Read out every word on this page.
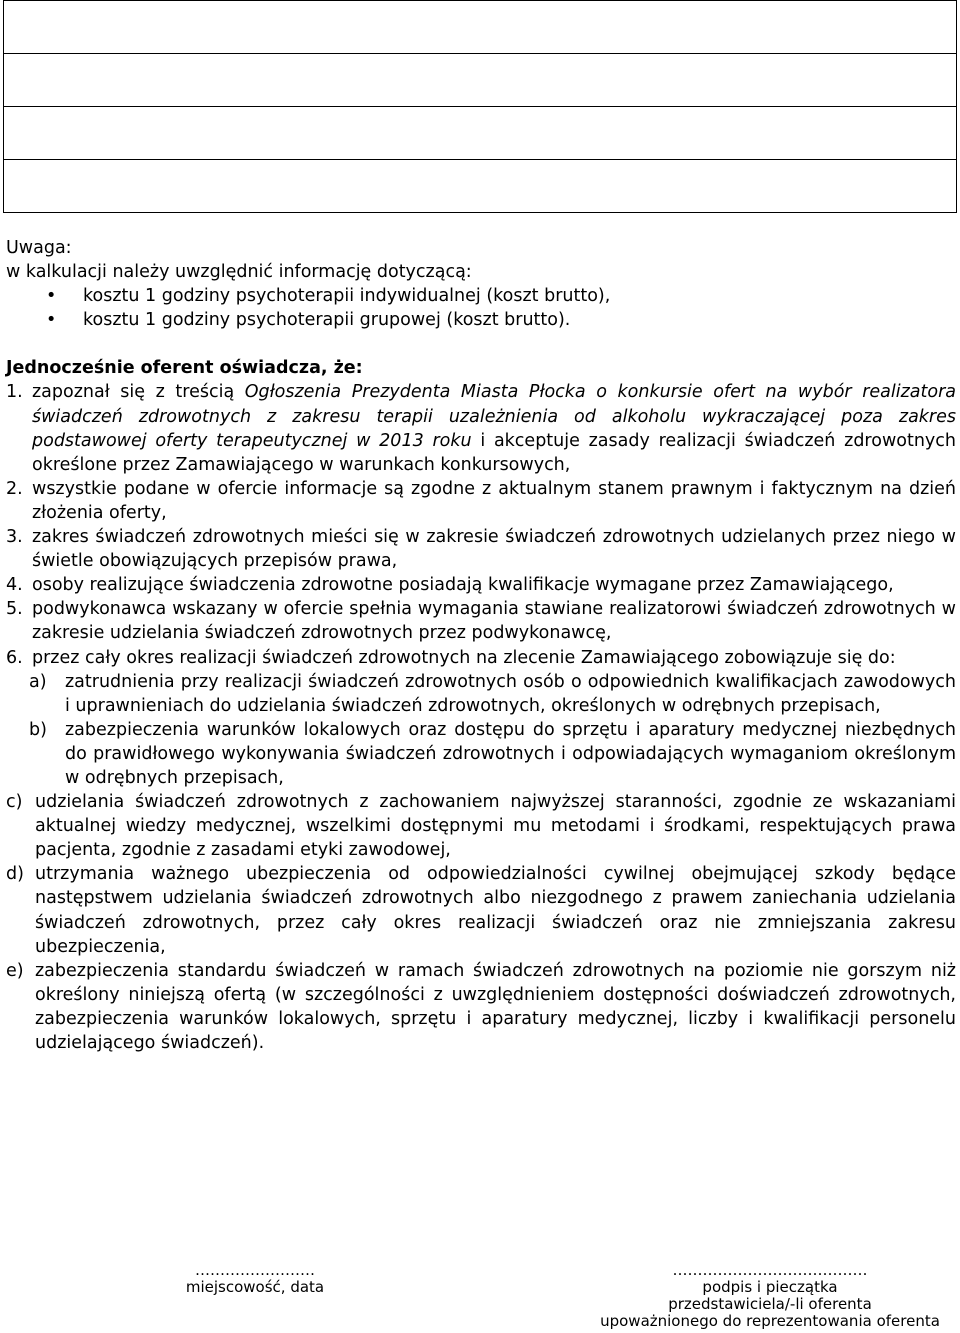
Uwaga:

w kalkulacji należy uwzględnić informację dotyczącą:

• kosztu 1 godziny psychoterapii indywidualnej (koszt brutto),
• kosztu 1 godziny psychoterapii grupowej (koszt brutto).

Jednocześnie oferent oświadcza, że:

1. zapoznał się z treścią Ogłoszenia Prezydenta Miasta Płocka o konkursie ofert na wybór realizatora świadczeń zdrowotnych z zakresu terapii uzależnienia od alkoholu wykraczającej poza zakres podstawowej oferty terapeutycznej w 2013 roku i akceptuje zasady realizacji świadczeń zdrowotnych określone przez Zamawiającego w warunkach konkursowych,
2. wszystkie podane w ofercie informacje są zgodne z aktualnym stanem prawnym i faktycznym na dzień złożenia oferty,
3. zakres świadczeń zdrowotnych mieści się w zakresie świadczeń zdrowotnych udzielanych przez niego w świetle obowiązujących przepisów prawa,
4. osoby realizujące świadczenia zdrowotne posiadają kwalifikacje wymagane przez Zamawiającego,
5. podwykonawca wskazany w ofercie spełnia wymagania stawiane realizatorowi świadczeń zdrowotnych w zakresie udzielania świadczeń zdrowotnych przez podwykonawcę,
6. przez cały okres realizacji świadczeń zdrowotnych na zlecenie Zamawiającego zobowiązuje się do:
a)	zatrudnienia przy realizacji świadczeń zdrowotnych osób o odpowiednich kwalifikacjach zawodowych i uprawnieniach do udzielania świadczeń zdrowotnych, określonych w odrębnych przepisach,
b)	zabezpieczenia warunków lokalowych oraz dostępu do sprzętu i aparatury medycznej niezbędnych do prawidłowego wykonywania świadczeń zdrowotnych i odpowiadających wymaganiom określonym w odrębnych przepisach,
c) udzielania świadczeń zdrowotnych z zachowaniem najwyższej staranności, zgodnie ze wskazaniami aktualnej wiedzy medycznej, wszelkimi dostępnymi mu metodami i środkami, respektujących prawa pacjenta, zgodnie z zasadami etyki zawodowej,
d) utrzymania ważnego ubezpieczenia od odpowiedzialności cywilnej obejmującej szkody będące następstwem udzielania świadczeń zdrowotnych albo niezgodnego z prawem zaniechania udzielania świadczeń zdrowotnych, przez cały okres realizacji świadczeń oraz nie zmniejszania zakresu ubezpieczenia,
e) zabezpieczenia standardu świadczeń w ramach świadczeń zdrowotnych na poziomie nie gorszym niż określony niniejszą ofertą (w szczególności z uwzględnieniem dostępności doświadczeń zdrowotnych, zabezpieczenia warunków lokalowych, sprzętu i aparatury medycznej, liczby i kwalifikacji personelu udzielającego świadczeń).
……………………
miejscowość, data
…………………………………
podpis i pieczątka
przedstawiciela/-li oferenta
upoważnionego do reprezentowania oferenta
